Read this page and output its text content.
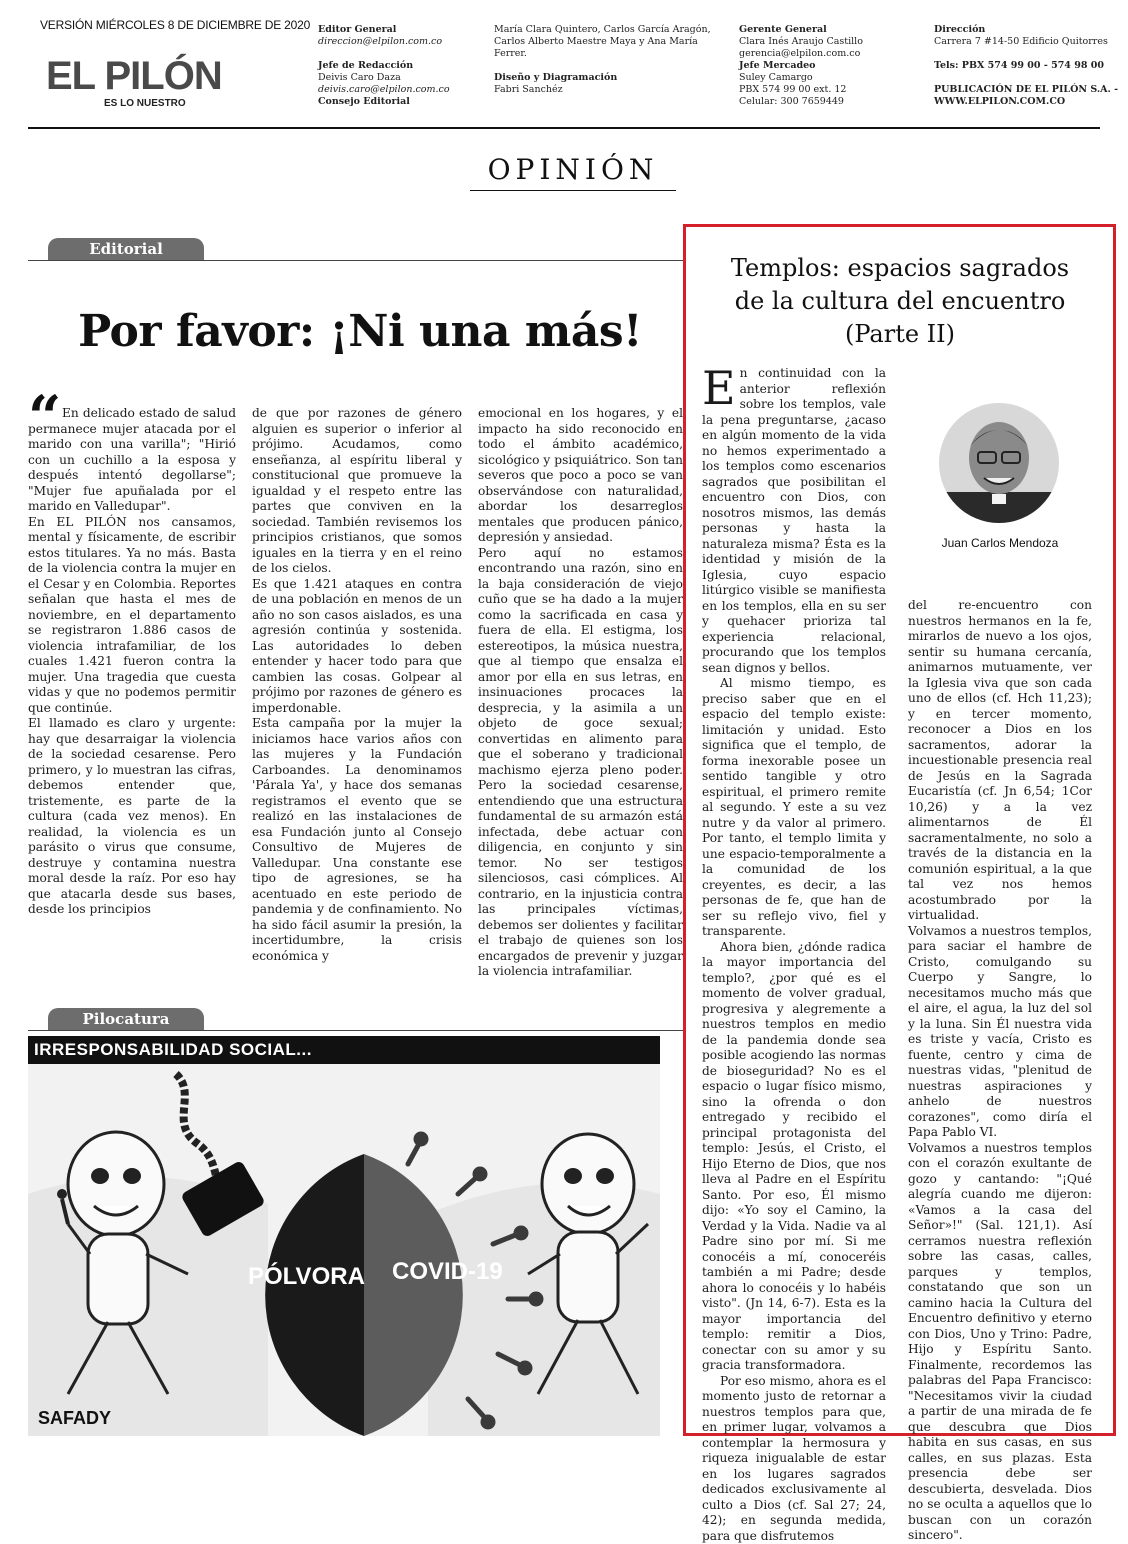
VERSIÓN MIÉRCOLES 8 DE DICIEMBRE DE 2020
EL PILÓN
ES LO NUESTRO

Editor General

direccion@elpilon.com.co

Jefe de Redacción

Deivis Caro Daza

deivis.caro@elpilon.com.co

Consejo Editorial

María Clara Quintero, Carlos García Aragón,

Carlos Alberto Maestre Maya y Ana María

Ferrer.

Diseño y Diagramación

Fabri Sanchéz

Gerente General

Clara Inés Araujo Castillo

gerencia@elpilon.com.co

Jefe Mercadeo

Suley Camargo

PBX 574 99 00 ext. 12

Celular: 300 7659449

Dirección

Carrera 7 #14-50 Edificio Quitorres

Tels: PBX 574 99 00 - 574 98 00

PUBLICACIÓN DE EL PILÓN S.A. -

WWW.ELPILON.COM.CO

OPINIÓN
Editorial
Por favor: ¡Ni una más!
“ En delicado estado de salud permanece mujer atacada por el marido con una varilla"; "Hirió con un cuchillo a la esposa y después intentó degollarse"; "Mujer fue apuñalada por el marido en Valledupar".

En EL PILÓN nos cansamos, mental y físicamente, de escribir estos titulares. Ya no más. Basta de la violencia contra la mujer en el Cesar y en Colombia. Reportes señalan que hasta el mes de noviembre, en el departamento se registraron 1.886 casos de violencia intrafamiliar, de los cuales 1.421 fueron contra la mujer. Una tragedia que cuesta vidas y que no podemos permitir que continúe.

El llamado es claro y urgente: hay que desarraigar la violencia de la sociedad cesarense. Pero primero, y lo muestran las cifras, debemos entender que, tristemente, es parte de la cultura (cada vez menos). En realidad, la violencia es un parásito o virus que consume, destruye y contamina nuestra moral desde la raíz. Por eso hay que atacarla desde sus bases, desde los principios

de que por razones de género alguien es superior o inferior al prójimo. Acudamos, como enseñanza, al espíritu liberal y constitucional que promueve la igualdad y el respeto entre las partes que conviven en la sociedad. También revisemos los principios cristianos, que somos iguales en la tierra y en el reino de los cielos.

Es que 1.421 ataques en contra de una población en menos de un año no son casos aislados, es una agresión continúa y sostenida. Las autoridades lo deben entender y hacer todo para que cambien las cosas. Golpear al prójimo por razones de género es imperdonable.

Esta campaña por la mujer la iniciamos hace varios años con las mujeres y la Fundación Carboandes. La denominamos 'Párala Ya', y hace dos semanas registramos el evento que se realizó en las instalaciones de esa Fundación junto al Consejo Consultivo de Mujeres de Valledupar. Una constante ese tipo de agresiones, se ha acentuado en este periodo de pandemia y de confinamiento. No ha sido fácil asumir la presión, la incertidumbre, la crisis económica y

emocional en los hogares, y el impacto ha sido reconocido en todo el ámbito académico, sicológico y psiquiátrico. Son tan severos que poco a poco se van observándose con naturalidad, abordar los desarreglos mentales que producen pánico, depresión y ansiedad.

Pero aquí no estamos encontrando una razón, sino en la baja consideración de viejo cuño que se ha dado a la mujer como la sacrificada en casa y fuera de ella. El estigma, los estereotipos, la música nuestra, que al tiempo que ensalza el amor por ella en sus letras, en insinuaciones procaces la desprecia, y la asimila a un objeto de goce sexual; convertidas en alimento para que el soberano y tradicional machismo ejerza pleno poder. Pero la sociedad cesarense, entendiendo que una estructura fundamental de su armazón está infectada, debe actuar con diligencia, en conjunto y sin temor. No ser testigos silenciosos, casi cómplices. Al contrario, en la injusticia contra las principales víctimas, debemos ser dolientes y facilitar el trabajo de quienes son los encargados de prevenir y juzgar la violencia intrafamiliar.

Pilocatura
IRRESPONSABILIDAD SOCIAL...
PÓLVORA COVID-19
SAFADY
Templos: espacios sagrados
de la cultura del encuentro
(Parte II)
Juan Carlos Mendoza

En continuidad con la anterior reflexión sobre los templos, vale la pena preguntarse, ¿acaso en algún momento de la vida no hemos experimentado a los templos como escenarios sagrados que posibilitan el encuentro con Dios, con nosotros mismos, las demás personas y hasta la naturaleza misma? Ésta es la identidad y misión de la Iglesia, cuyo espacio litúrgico visible se manifiesta en los templos, ella en su ser y quehacer prioriza tal experiencia relacional, procurando que los templos sean dignos y bellos.

Al mismo tiempo, es preciso saber que en el espacio del templo existe: limitación y unidad. Esto significa que el templo, de forma inexorable posee un sentido tangible y otro espiritual, el primero remite al segundo. Y este a su vez nutre y da valor al primero. Por tanto, el templo limita y une espacio-temporalmente a la comunidad de los creyentes, es decir, a las personas de fe, que han de ser su reflejo vivo, fiel y transparente.

Ahora bien, ¿dónde radica la mayor importancia del templo?, ¿por qué es el momento de volver gradual, progresiva y alegremente a nuestros templos en medio de la pandemia donde sea posible acogiendo las normas de bioseguridad? No es el espacio o lugar físico mismo, sino la ofrenda o don entregado y recibido el principal protagonista del templo: Jesús, el Cristo, el Hijo Eterno de Dios, que nos lleva al Padre en el Espíritu Santo. Por eso, Él mismo dijo: «Yo soy el Camino, la Verdad y la Vida. Nadie va al Padre sino por mí. Si me conocéis a mí, conoceréis también a mi Padre; desde ahora lo conocéis y lo habéis visto". (Jn 14, 6-7). Esta es la mayor importancia del templo: remitir a Dios, conectar con su amor y su gracia transformadora.

Por eso mismo, ahora es el momento justo de retornar a nuestros templos para que, en primer lugar, volvamos a contemplar la hermosura y riqueza inigualable de estar en los lugares sagrados dedicados exclusivamente al culto a Dios (cf. Sal 27; 24, 42); en segunda medida, para que disfrutemos

del re-encuentro con nuestros hermanos en la fe, mirarlos de nuevo a los ojos, sentir su humana cercanía, animarnos mutuamente, ver la Iglesia viva que son cada uno de ellos (cf. Hch 11,23); y en tercer momento, reconocer a Dios en los sacramentos, adorar la incuestionable presencia real de Jesús en la Sagrada Eucaristía (cf. Jn 6,54; 1Cor 10,26) y a la vez alimentarnos de Él sacramentalmente, no solo a través de la distancia en la comunión espiritual, a la que tal vez nos hemos acostumbrado por la virtualidad.

Volvamos a nuestros templos, para saciar el hambre de Cristo, comulgando su Cuerpo y Sangre, lo necesitamos mucho más que el aire, el agua, la luz del sol y la luna. Sin Él nuestra vida es triste y vacía, Cristo es fuente, centro y cima de nuestras vidas, "plenitud de nuestras aspiraciones y anhelo de nuestros corazones", como diría el Papa Pablo VI.

Volvamos a nuestros templos con el corazón exultante de gozo y cantando: "¡Qué alegría cuando me dijeron: «Vamos a la casa del Señor»!" (Sal. 121,1). Así cerramos nuestra reflexión sobre las casas, calles, parques y templos, constatando que son un camino hacia la Cultura del Encuentro definitivo y eterno con Dios, Uno y Trino: Padre, Hijo y Espíritu Santo. Finalmente, recordemos las palabras del Papa Francisco: "Necesitamos vivir la ciudad a partir de una mirada de fe que descubra que Dios habita en sus casas, en sus calles, en sus plazas. Esta presencia debe ser descubierta, desvelada. Dios no se oculta a aquellos que lo buscan con un corazón sincero".
